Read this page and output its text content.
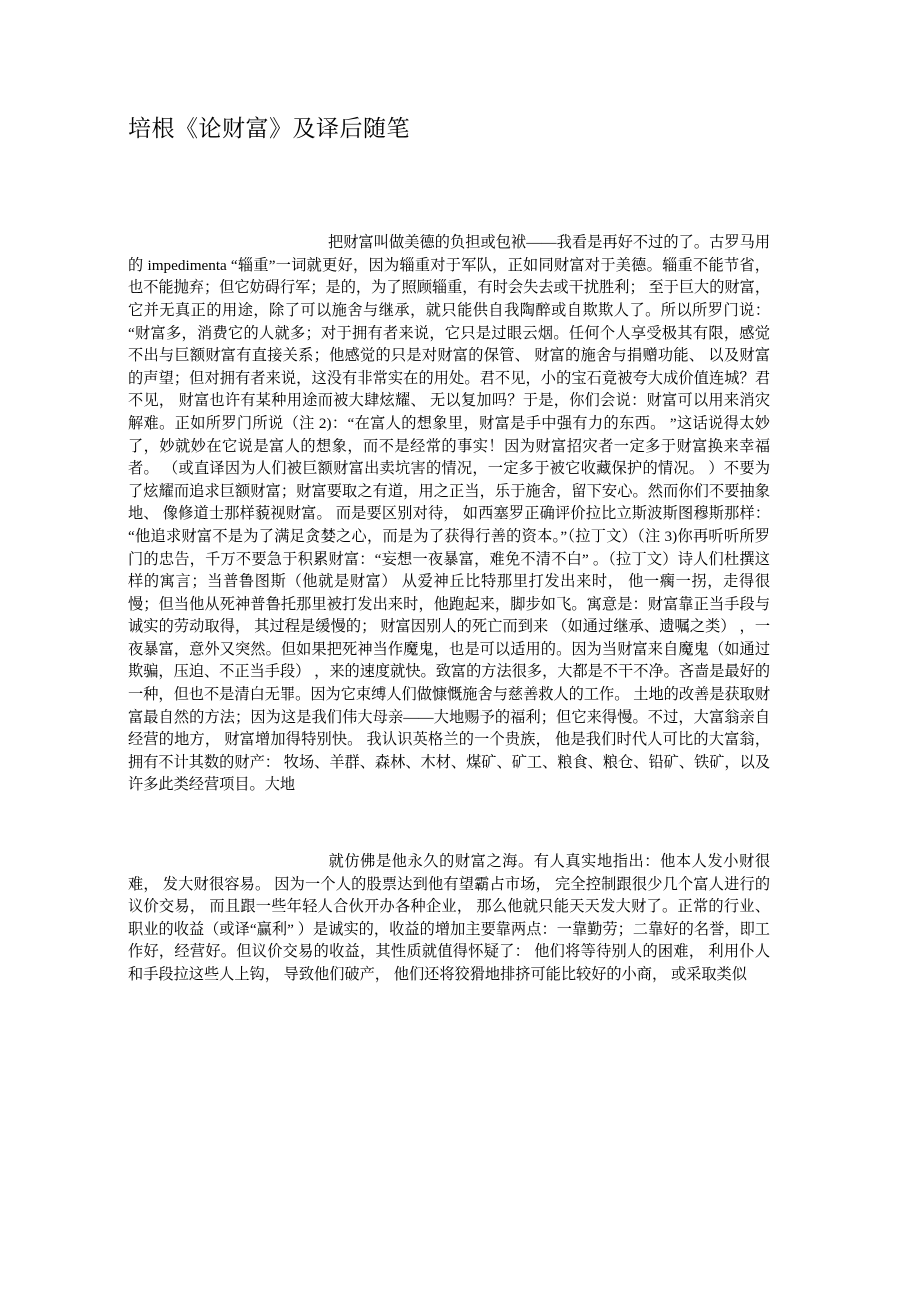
培根《论财富》及译后随笔

把财富叫做美德的负担或包袱——我看是再好不过的了。古罗马用的 impedimenta “辎重”一词就更好，因为辎重对于军队，正如同财富对于美德。辎重不能节省，也不能抛弃；但它妨碍行军；是的，为了照顾辎重，有时会失去或干扰胜利； 至于巨大的财富，它并无真正的用途，除了可以施舍与继承，就只能供自我陶醉或自欺欺人了。所以所罗门说： “财富多，消费它的人就多；对于拥有者来说，它只是过眼云烟。任何个人享受极其有限，感觉不出与巨额财富有直接关系；他感觉的只是对财富的保管、 财富的施舍与捐赠功能、 以及财富的声望；但对拥有者来说，这没有非常实在的用处。君不见，小的宝石竟被夸大成价值连城？君不见， 财富也许有某种用途而被大肆炫耀、 无以复加吗？于是，你们会说：财富可以用来消灾解难。正如所罗门所说（注 2)：“在富人的想象里，财富是手中强有力的东西。 ”这话说得太妙了，妙就妙在它说是富人的想象，而不是经常的事实！因为财富招灾者一定多于财富换来幸福者。 （或直译因为人们被巨额财富出卖坑害的情况，一定多于被它收藏保护的情况。 ）不要为了炫耀而追求巨额财富；财富要取之有道，用之正当，乐于施舍，留下安心。然而你们不要抽象地、 像修道士那样藐视财富。 而是要区别对待， 如西塞罗正确评价拉比立斯波斯图穆斯那样： “他追求财富不是为了满足贪婪之心，而是为了获得行善的资本。”（拉丁文）（注 3)你再听听所罗门的忠告，千万不要急于积累财富：“妄想一夜暴富，难免不清不白” 。（拉丁文）诗人们杜撰这样的寓言；当普鲁图斯（他就是财富） 从爱神丘比特那里打发出来时， 他一瘸一拐，走得很慢；但当他从死神普鲁托那里被打发出来时，他跑起来，脚步如飞。寓意是：财富靠正当手段与诚实的劳动取得， 其过程是缓慢的； 财富因别人的死亡而到来 （如通过继承、遗嘱之类） ，一夜暴富，意外又突然。但如果把死神当作魔鬼，也是可以适用的。因为当财富来自魔鬼（如通过欺骗，压迫、不正当手段） ，来的速度就快。致富的方法很多，大都是不干不净。吝啬是最好的一种，但也不是清白无罪。因为它束缚人们做慷慨施舍与慈善救人的工作。 土地的改善是获取财富最自然的方法；因为这是我们伟大母亲——大地赐予的福利；但它来得慢。不过，大富翁亲自经营的地方， 财富增加得特别快。 我认识英格兰的一个贵族， 他是我们时代人可比的大富翁， 拥有不计其数的财产： 牧场、羊群、森林、木材、煤矿、矿工、粮食、粮仓、铅矿、铁矿，以及许多此类经营项目。大地

就仿佛是他永久的财富之海。有人真实地指出：他本人发小财很难， 发大财很容易。 因为一个人的股票达到他有望霸占市场， 完全控制跟很少几个富人进行的议价交易， 而且跟一些年轻人合伙开办各种企业， 那么他就只能天天发大财了。正常的行业、职业的收益（或译“赢利” ）是诚实的，收益的增加主要靠两点：一靠勤劳；二靠好的名誉，即工作好，经营好。但议价交易的收益，其性质就值得怀疑了： 他们将等待别人的困难， 利用仆人和手段拉这些人上钩， 导致他们破产， 他们还将狡猾地排挤可能比较好的小商， 或采取类似
